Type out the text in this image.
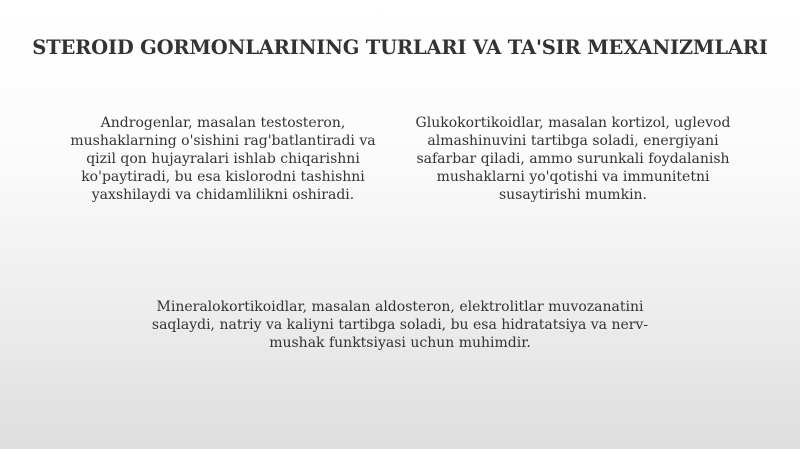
STEROID GORMONLARINING TURLARI VA TA'SIR MEXANIZMLARI
Androgenlar, masalan testosteron, mushaklarning o'sishini rag'batlantiradi va qizil qon hujayralari ishlab chiqarishni ko'paytiradi, bu esa kislorodni tashishni yaxshilaydi va chidamlilikni oshiradi.
Glukokortikoidlar, masalan kortizol, uglevod almashinuvini tartibga soladi, energiyani safarbar qiladi, ammo surunkali foydalanish mushaklarni yo'qotishi va immunitetni susaytirishi mumkin.
Mineralokortikoidlar, masalan aldosteron, elektrolitlar muvozanatini saqlaydi, natriy va kaliyni tartibga soladi, bu esa hidratatsiya va nerv-mushak funktsiyasi uchun muhimdir.
